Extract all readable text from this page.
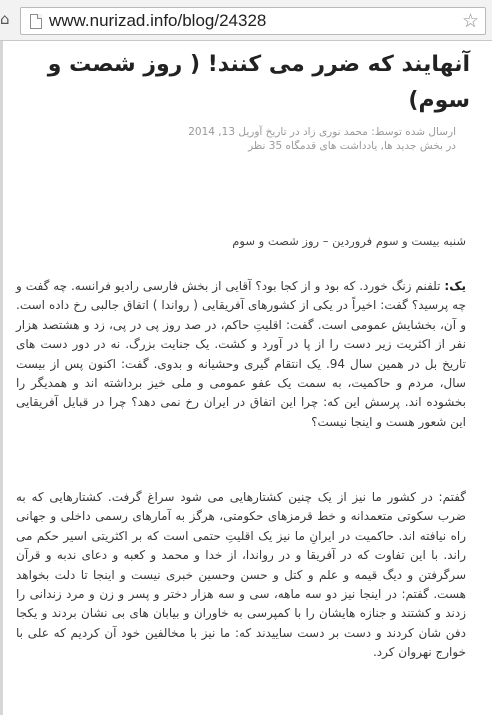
⌂ www.nurizad.info/blog/24328	☆
آنهایند که ضرر می کنند! ( روز شصت و سوم)
ارسال شده توسط: محمد نوری زاد در تاریخ آوریل 13, 2014
در بخش جدید ها, یادداشت های قدمگاه 35 نظر
شنبه بیست و سوم فروردین – روز شصت و سوم

یک: تلفنم زنگ خورد. که بود و از کجا بود؟ آقایی از بخش فارسی رادیو فرانسه. چه گفت و چه پرسید؟ گفت: اخیراً در یکی از کشورهای آفریقایی ( رواندا ) اتفاق جالبی رخ داده است. و آن، بخشایش عمومی است. گفت: اقلیتِ حاکم، در صد روز پی در پی، زد و هشتصد هزار نفر از اکثریت زیر دست را از پا در آورد و کشت. یک جنایت بزرگ. نه در دور دست های تاریخ بل در همین سال 94. یک انتقام گیری وحشیانه و بدوی. گفت: اکنون پس از بیست سال، مردم و حاکمیت، به سمت یک عفو عمومی و ملی خیز برداشته اند و همدیگر را بخشوده اند. پرسش این که: چرا این اتفاق در ایران رخ نمی دهد؟ چرا در قبایل آفریقایی این شعور هست و اینجا نیست؟

گفتم: در کشور ما نیز از یک چنین کشتارهایی می شود سراغ گرفت. کشتارهایی که به ضرب سکوتی متعمدانه و خط قرمزهای حکومتی، هرگز به آمارهای رسمی داخلی و جهانی راه نیافته اند. حاکمیت در ایرانِ ما نیز یک اقلیتِ حتمی است که بر اکثریتی اسیر حکم می راند. با این تفاوت که در آفریقا و در رواندا، از خدا و محمد و کعبه و دعای ندبه و قرآن سرگرفتن و دیگ قیمه و علم و کتل و حسن وحسین خبری نیست و اینجا تا دلت بخواهد هست. گفتم: در اینجا نیز دو سه ماهه، سی و سه هزار دختر و پسر و زن و مرد زندانی را زدند و کشتند و جنازه هایشان را با کمپرسی به خاوران و بیابان های بی نشان بردند و یکجا دفن شان کردند و دست بر دست ساییدند که: ما نیز با مخالفین خود آن کردیم که علی با خوارج نهروان کرد.
